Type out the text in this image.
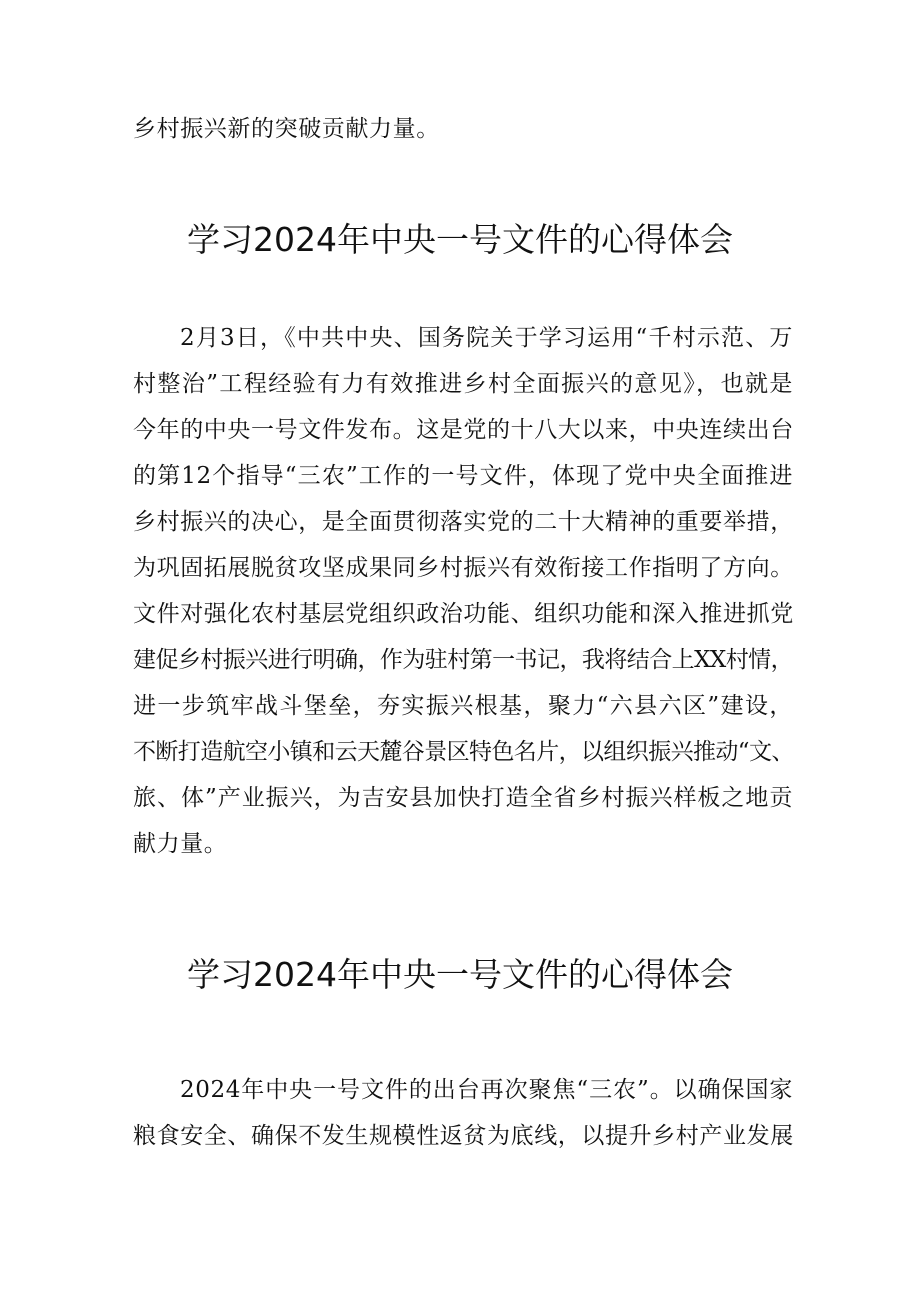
乡村振兴新的突破贡献力量。
学习2024年中央一号文件的心得体会
2月3日，《中共中央、国务院关于学习运用“千村示范、万
村整治”工程经验有力有效推进乡村全面振兴的意见》，也就是
今年的中央一号文件发布。这是党的十八大以来，中央连续出台
的第12个指导“三农”工作的一号文件，体现了党中央全面推进
乡村振兴的决心，是全面贯彻落实党的二十大精神的重要举措，
为巩固拓展脱贫攻坚成果同乡村振兴有效衔接工作指明了方向。
文件对强化农村基层党组织政治功能、组织功能和深入推进抓党
建促乡村振兴进行明确，作为驻村第一书记，我将结合上XX村情，
进一步筑牢战斗堡垒，夯实振兴根基，聚力“六县六区”建设，
不断打造航空小镇和云天麓谷景区特色名片，以组织振兴推动“文、
旅、体”产业振兴，为吉安县加快打造全省乡村振兴样板之地贡
献力量。
学习2024年中央一号文件的心得体会
2024年中央一号文件的出台再次聚焦“三农”。以确保国家
粮食安全、确保不发生规模性返贫为底线，以提升乡村产业发展
